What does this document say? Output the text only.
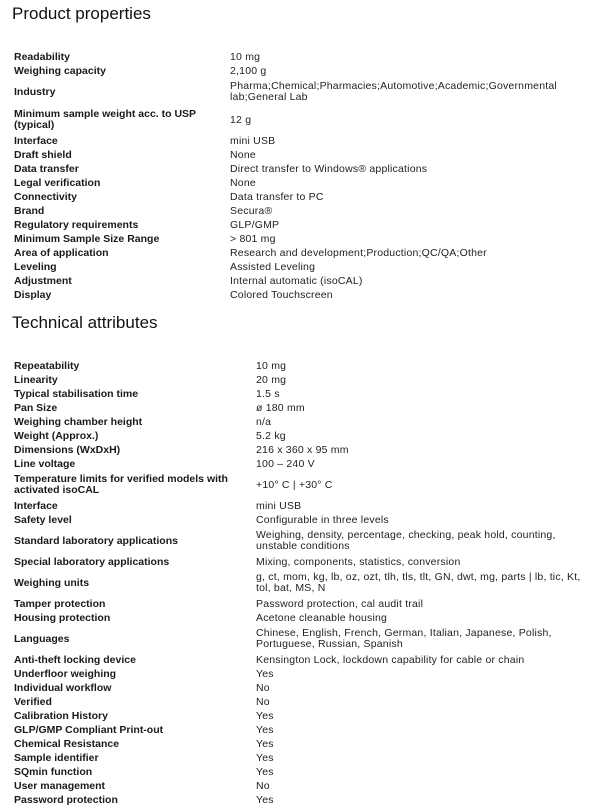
Product properties
Readability	10 mg
Weighing capacity	2,100 g
Industry	Pharma;Chemical;Pharmacies;Automotive;Academic;Governmental lab;General Lab
Minimum sample weight acc. to USP (typical)	12 g
Interface	mini USB
Draft shield	None
Data transfer	Direct transfer to Windows® applications
Legal verification	None
Connectivity	Data transfer to PC
Brand	Secura®
Regulatory requirements	GLP/GMP
Minimum Sample Size Range	> 801 mg
Area of application	Research and development;Production;QC/QA;Other
Leveling	Assisted Leveling
Adjustment	Internal automatic (isoCAL)
Display	Colored Touchscreen
Technical attributes
Repeatability	10 mg
Linearity	20 mg
Typical stabilisation time	1.5 s
Pan Size	ø 180 mm
Weighing chamber height	n/a
Weight (Approx.)	5.2 kg
Dimensions (WxDxH)	216 x 360 x 95 mm
Line voltage	100 – 240 V
Temperature limits for verified models with activated isoCAL	+10° C | +30° C
Interface	mini USB
Safety level	Configurable in three levels
Standard laboratory applications	Weighing, density, percentage, checking, peak hold, counting, unstable conditions
Special laboratory applications	Mixing, components, statistics, conversion
Weighing units	g, ct, mom, kg, lb, oz, ozt, tlh, tls, tlt, GN, dwt, mg, parts | lb, tic, Kt, tol, bat, MS, N
Tamper protection	Password protection, cal audit trail
Housing protection	Acetone cleanable housing
Languages	Chinese, English, French, German, Italian, Japanese, Polish, Portuguese, Russian, Spanish
Anti-theft locking device	Kensington Lock, lockdown capability for cable or chain
Underfloor weighing	Yes
Individual workflow	No
Verified	No
Calibration History	Yes
GLP/GMP Compliant Print-out	Yes
Chemical Resistance	Yes
Sample identifier	Yes
SQmin function	Yes
User management	No
Password protection	Yes
